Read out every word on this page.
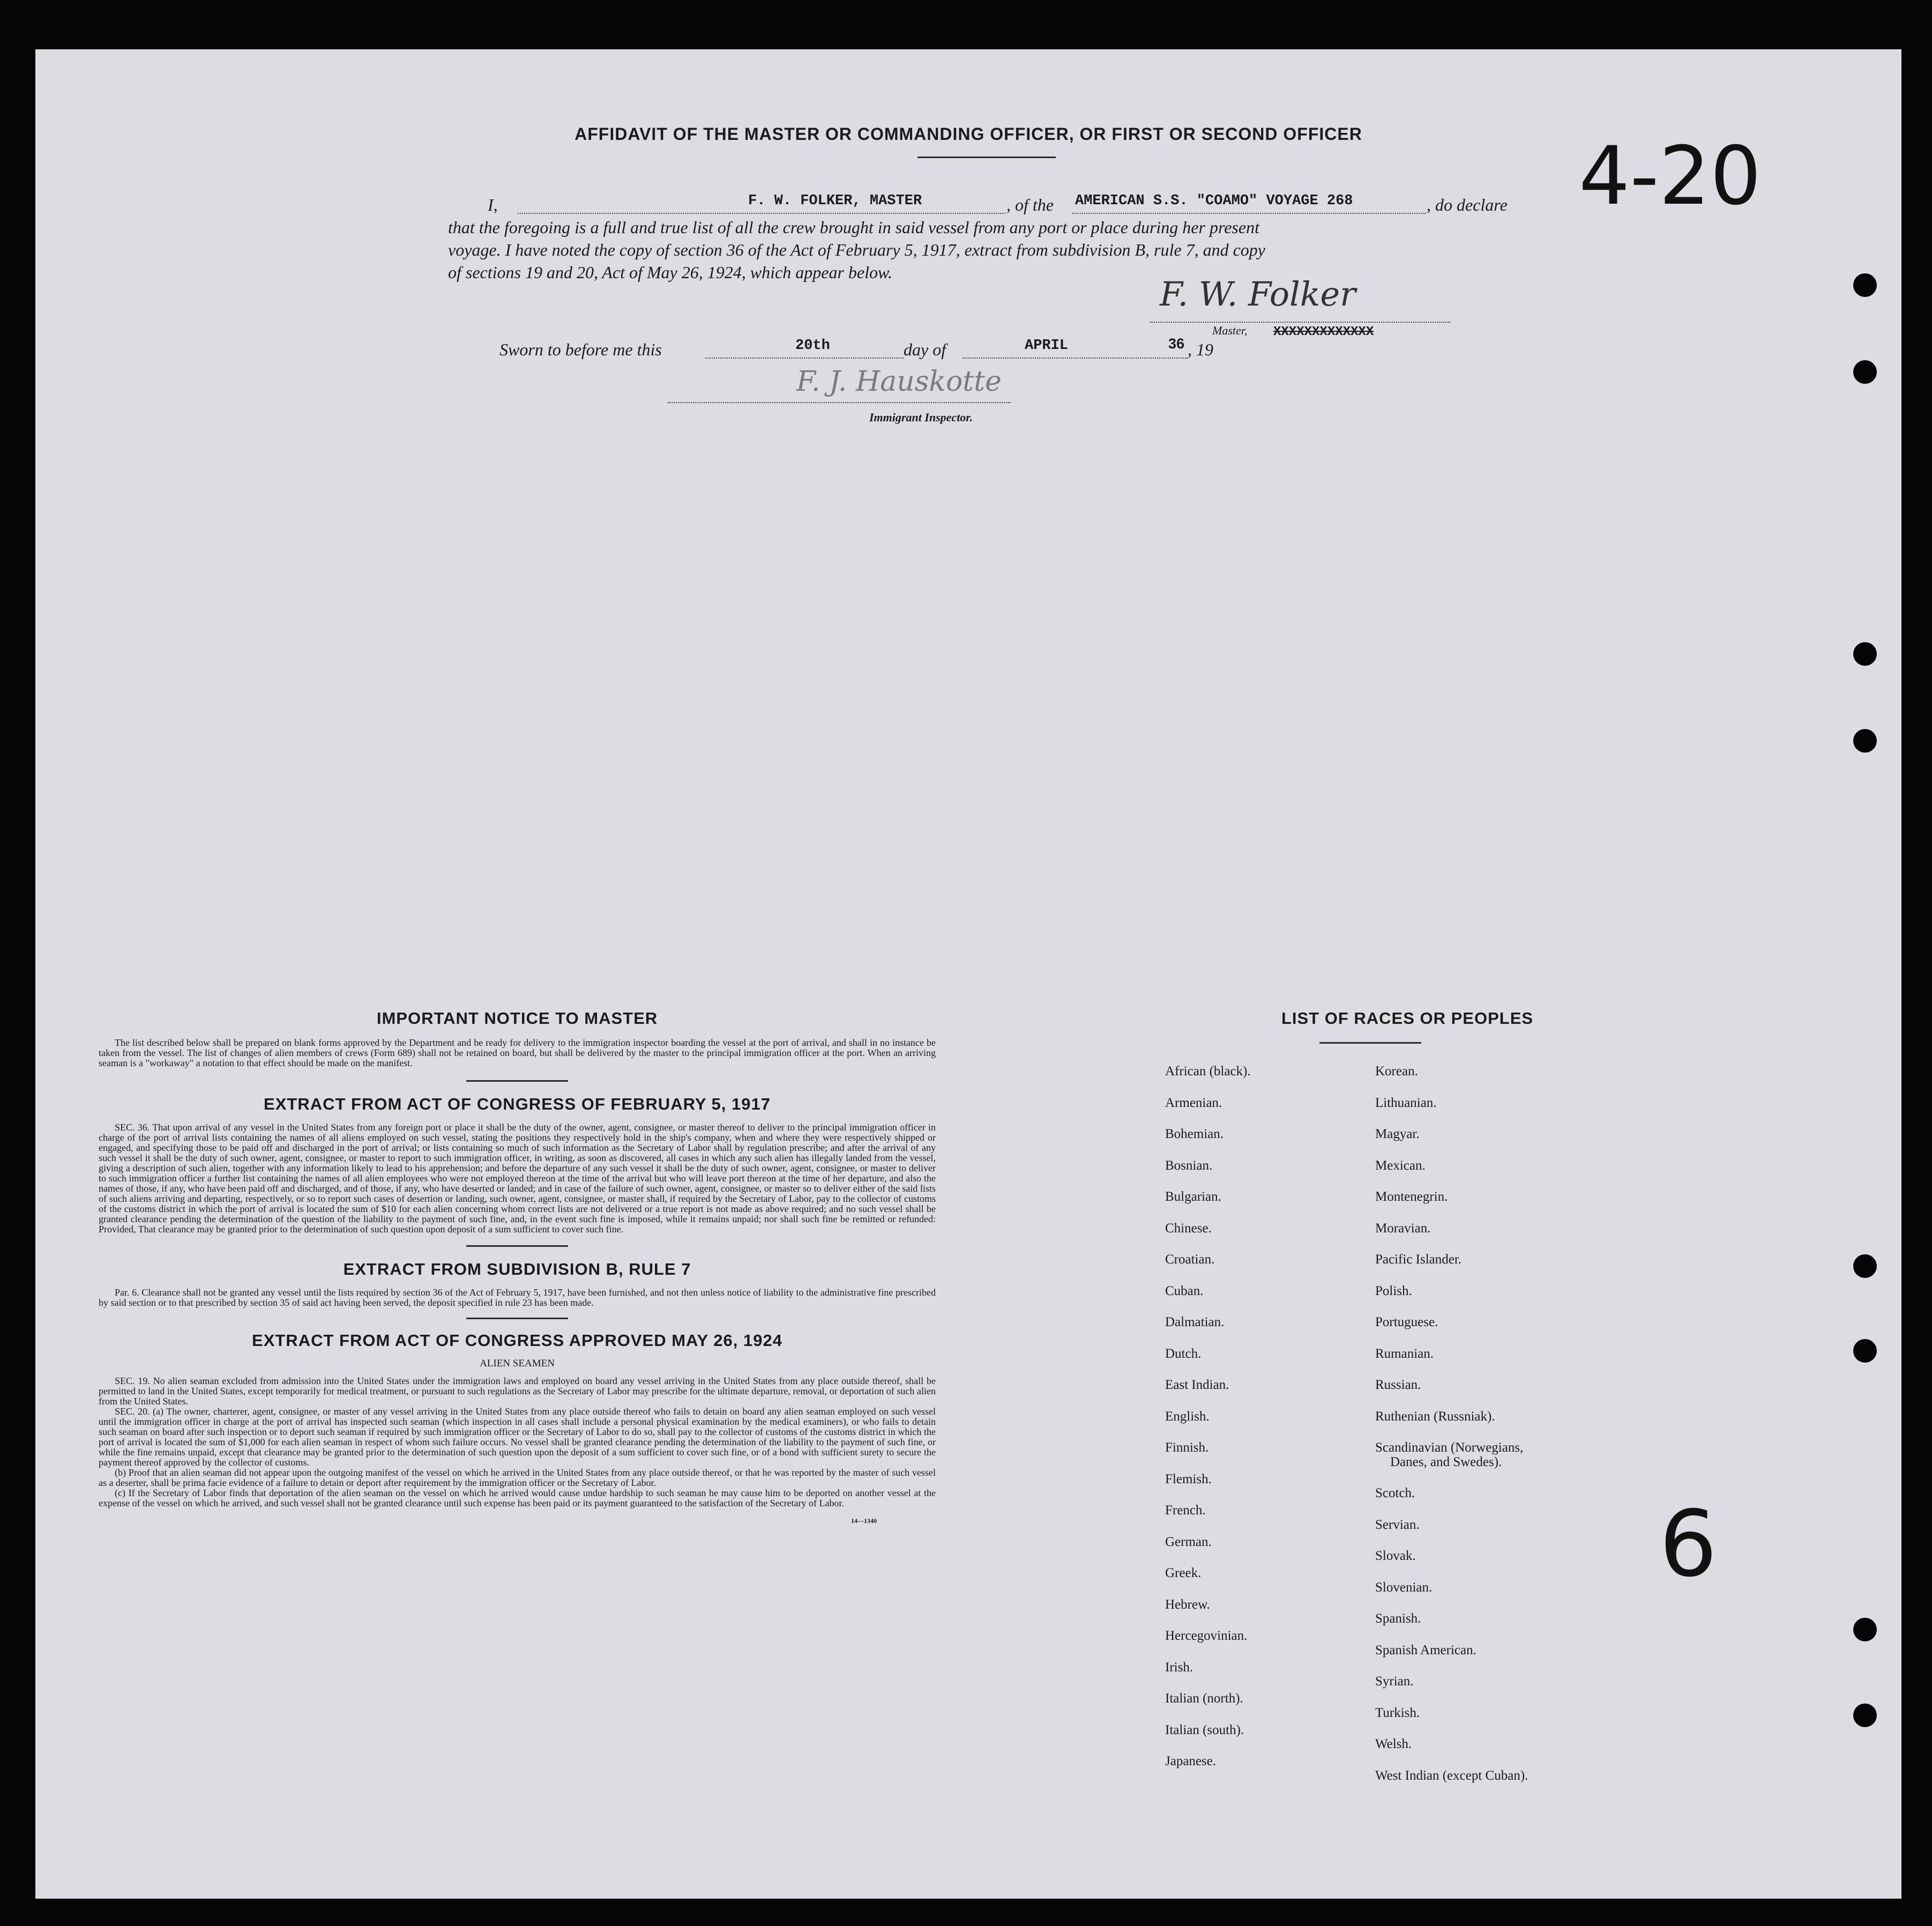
4-20
AFFIDAVIT OF THE MASTER OR COMMANDING OFFICER, OR FIRST OR SECOND OFFICER
I,	F. W. FOLKER, MASTER	, of the AMERICAN S.S. "COAMO" VOYAGE 268	, do declare
that the foregoing is a full and true list of all the crew brought in said vessel from any port or place during her present
voyage. I have noted the copy of section 36 of the Act of February 5, 1917, extract from subdivision B, rule 7, and copy
of sections 19 and 20, Act of May 26, 1924, which appear below.
F. W. Folker
Master, XXXXXXXXXXXXX
Sworn to before me this	20th	day of	APRIL	, 19
36
F. J. Hauskotte
Immigrant Inspector.
IMPORTANT NOTICE TO MASTER

The list described below shall be prepared on blank forms approved by the Department and be ready for delivery to the immigration inspector boarding the vessel at the port of arrival, and shall in no instance be taken from the vessel. The list of changes of alien members of crews (Form 689) shall not be retained on board, but shall be delivered by the master to the principal immigration officer at the port. When an arriving seaman is a "workaway" a notation to that effect should be made on the manifest.

EXTRACT FROM ACT OF CONGRESS OF FEBRUARY 5, 1917

SEC. 36. That upon arrival of any vessel in the United States from any foreign port or place it shall be the duty of the owner, agent, consignee, or master thereof to deliver to the principal immigration officer in charge of the port of arrival lists containing the names of all aliens employed on such vessel, stating the positions they respectively hold in the ship's company, when and where they were respectively shipped or engaged, and specifying those to be paid off and discharged in the port of arrival; or lists containing so much of such information as the Secretary of Labor shall by regulation prescribe; and after the arrival of any such vessel it shall be the duty of such owner, agent, consignee, or master to report to such immigration officer, in writing, as soon as discovered, all cases in which any such alien has illegally landed from the vessel, giving a description of such alien, together with any information likely to lead to his apprehension; and before the departure of any such vessel it shall be the duty of such owner, agent, consignee, or master to deliver to such immigration officer a further list containing the names of all alien employees who were not employed thereon at the time of the arrival but who will leave port thereon at the time of her departure, and also the names of those, if any, who have been paid off and discharged, and of those, if any, who have deserted or landed; and in case of the failure of such owner, agent, consignee, or master so to deliver either of the said lists of such aliens arriving and departing, respectively, or so to report such cases of desertion or landing, such owner, agent, consignee, or master shall, if required by the Secretary of Labor, pay to the collector of customs of the customs district in which the port of arrival is located the sum of $10 for each alien concerning whom correct lists are not delivered or a true report is not made as above required; and no such vessel shall be granted clearance pending the determination of the question of the liability to the payment of such fine, and, in the event such fine is imposed, while it remains unpaid; nor shall such fine be remitted or refunded: Provided, That clearance may be granted prior to the determination of such question upon deposit of a sum sufficient to cover such fine.

EXTRACT FROM SUBDIVISION B, RULE 7

Par. 6. Clearance shall not be granted any vessel until the lists required by section 36 of the Act of February 5, 1917, have been furnished, and not then unless notice of liability to the administrative fine prescribed by said section or to that prescribed by section 35 of said act having been served, the deposit specified in rule 23 has been made.

EXTRACT FROM ACT OF CONGRESS APPROVED MAY 26, 1924
ALIEN SEAMEN

SEC. 19. No alien seaman excluded from admission into the United States under the immigration laws and employed on board any vessel arriving in the United States from any place outside thereof, shall be permitted to land in the United States, except temporarily for medical treatment, or pursuant to such regulations as the Secretary of Labor may prescribe for the ultimate departure, removal, or deportation of such alien from the United States.

SEC. 20. (a) The owner, charterer, agent, consignee, or master of any vessel arriving in the United States from any place outside thereof who fails to detain on board any alien seaman employed on such vessel until the immigration officer in charge at the port of arrival has inspected such seaman (which inspection in all cases shall include a personal physical examination by the medical examiners), or who fails to detain such seaman on board after such inspection or to deport such seaman if required by such immigration officer or the Secretary of Labor to do so, shall pay to the collector of customs of the customs district in which the port of arrival is located the sum of $1,000 for each alien seaman in respect of whom such failure occurs. No vessel shall be granted clearance pending the determination of the liability to the payment of such fine, or while the fine remains unpaid, except that clearance may be granted prior to the determination of such question upon the deposit of a sum sufficient to cover such fine, or of a bond with sufficient surety to secure the payment thereof approved by the collector of customs.

(b) Proof that an alien seaman did not appear upon the outgoing manifest of the vessel on which he arrived in the United States from any place outside thereof, or that he was reported by the master of such vessel as a deserter, shall be prima facie evidence of a failure to detain or deport after requirement by the immigration officer or the Secretary of Labor.

(c) If the Secretary of Labor finds that deportation of the alien seaman on the vessel on which he arrived would cause undue hardship to such seaman he may cause him to be deported on another vessel at the expense of the vessel on which he arrived, and such vessel shall not be granted clearance until such expense has been paid or its payment guaranteed to the satisfaction of the Secretary of Labor.

14—1340
LIST OF RACES OR PEOPLES
African (black).
Armenian.
Bohemian.
Bosnian.
Bulgarian.
Chinese.
Croatian.
Cuban.
Dalmatian.
Dutch.
East Indian.
English.
Finnish.
Flemish.
French.
German.
Greek.
Hebrew.
Hercegovinian.
Irish.
Italian (north).
Italian (south).
Japanese.
Korean.
Lithuanian.
Magyar.
Mexican.
Montenegrin.
Moravian.
Pacific Islander.
Polish.
Portuguese.
Rumanian.
Russian.
Ruthenian (Russniak).
Scandinavian (Norwegians,
Danes, and Swedes).
Scotch.
Servian.
Slovak.
Slovenian.
Spanish.
Spanish American.
Syrian.
Turkish.
Welsh.
West Indian (except Cuban).
6
